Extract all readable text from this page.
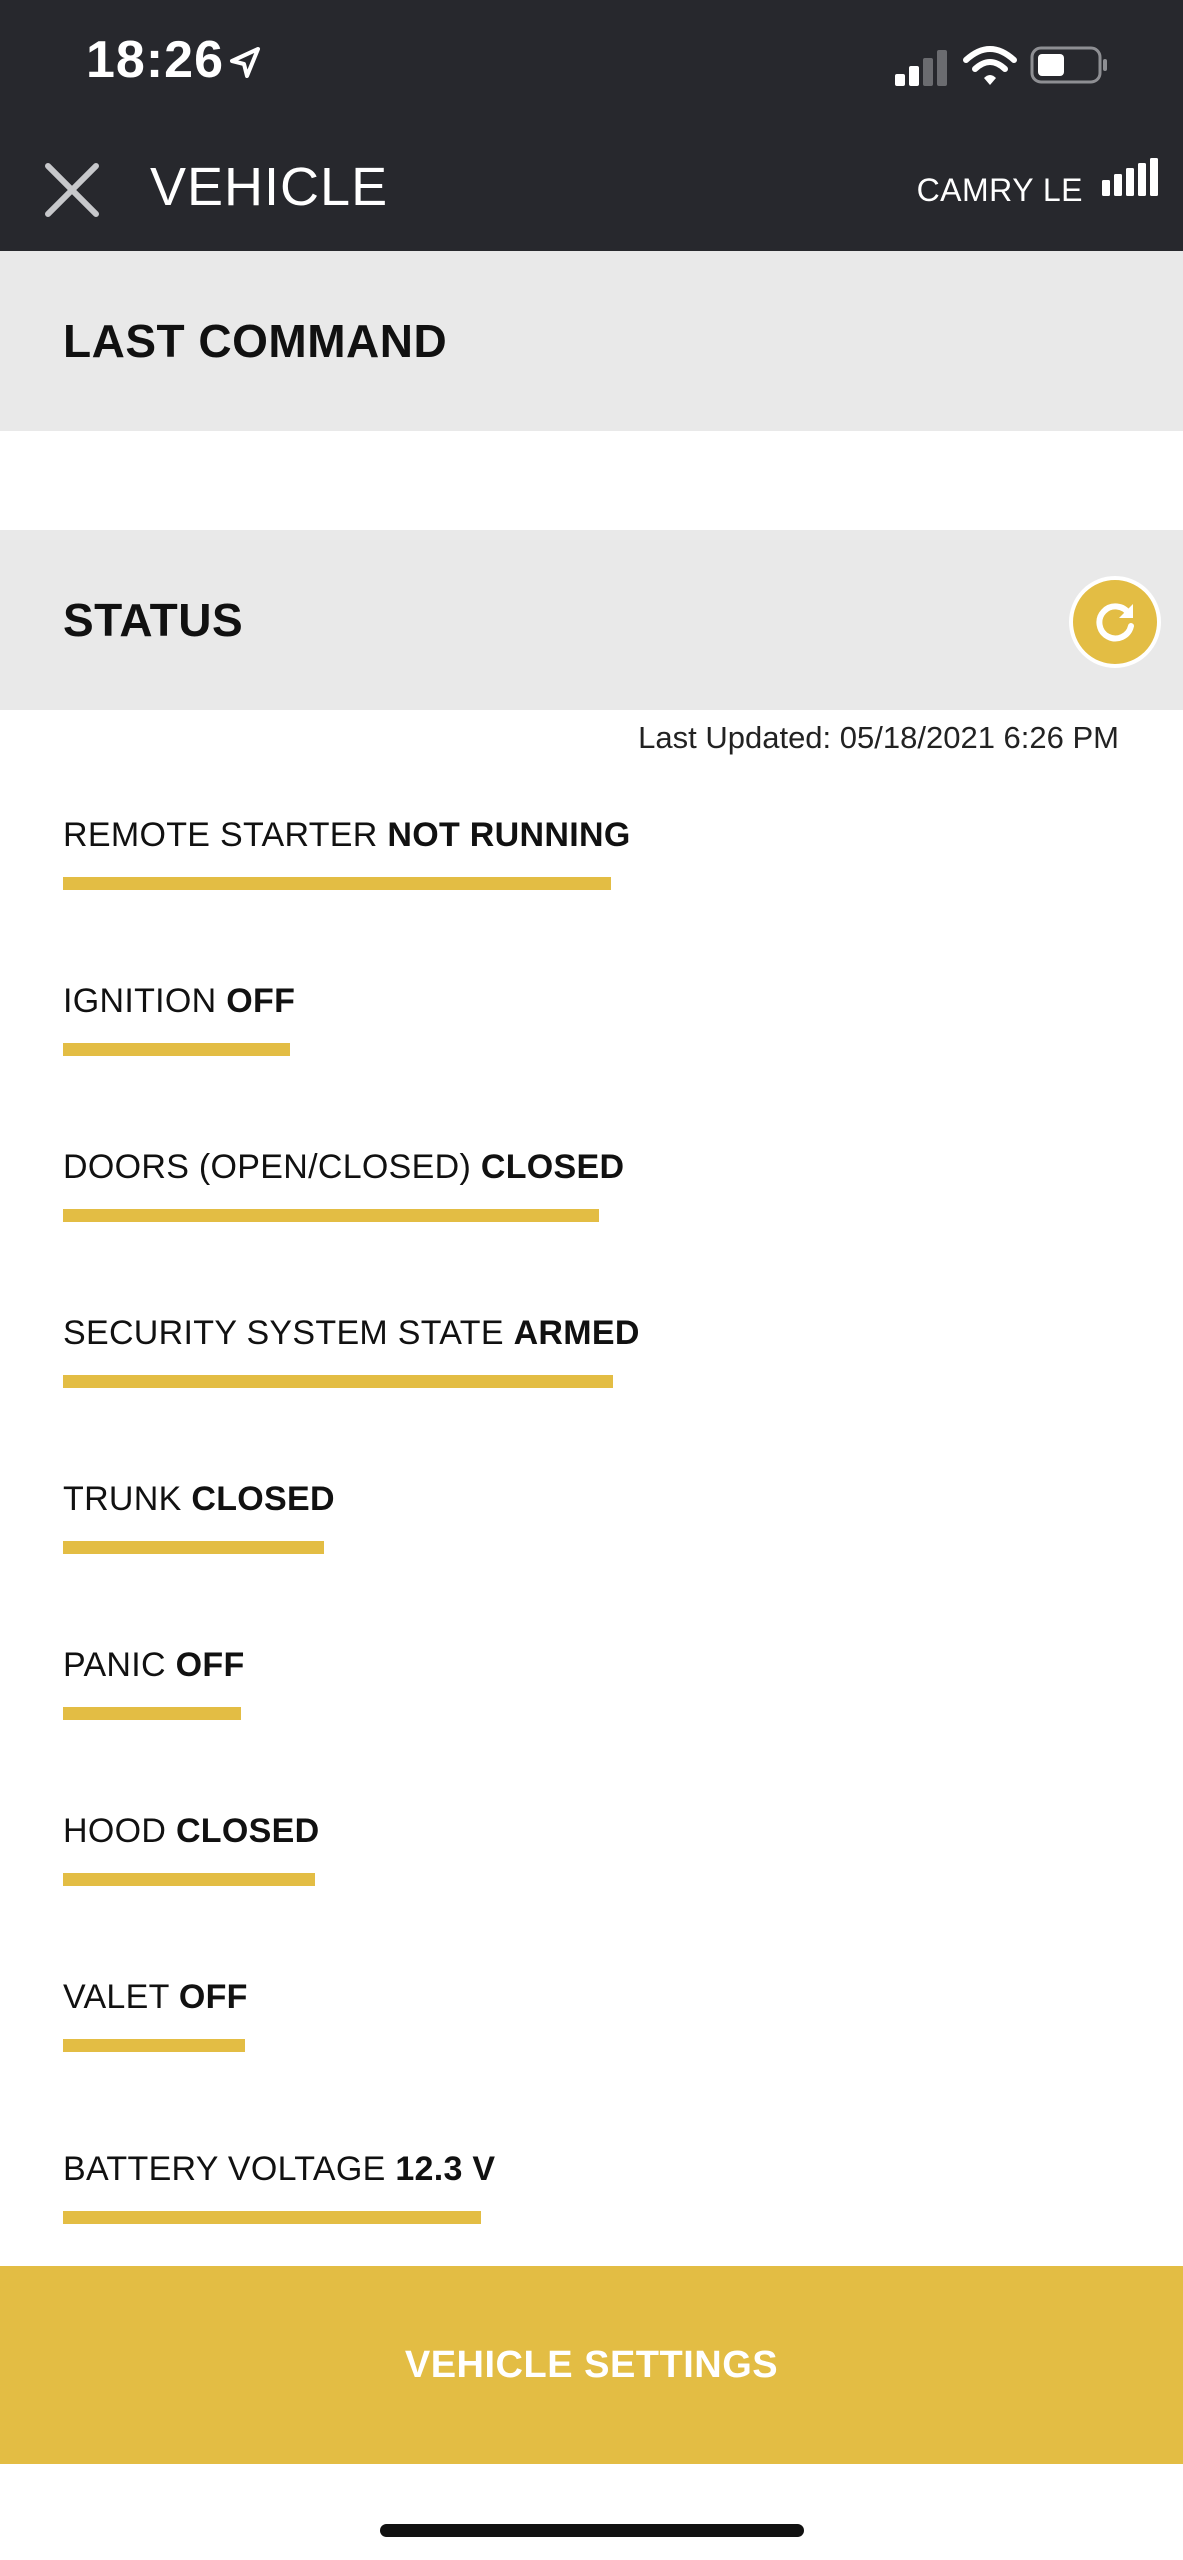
18:26
VEHICLE	CAMRY LE
LAST COMMAND
STATUS
Last Updated: 05/18/2021 6:26 PM
REMOTE STARTER NOT RUNNING
IGNITION OFF
DOORS (OPEN/CLOSED) CLOSED
SECURITY SYSTEM STATE ARMED
TRUNK CLOSED
PANIC OFF
HOOD CLOSED
VALET OFF
BATTERY VOLTAGE 12.3 V
VEHICLE SETTINGS
